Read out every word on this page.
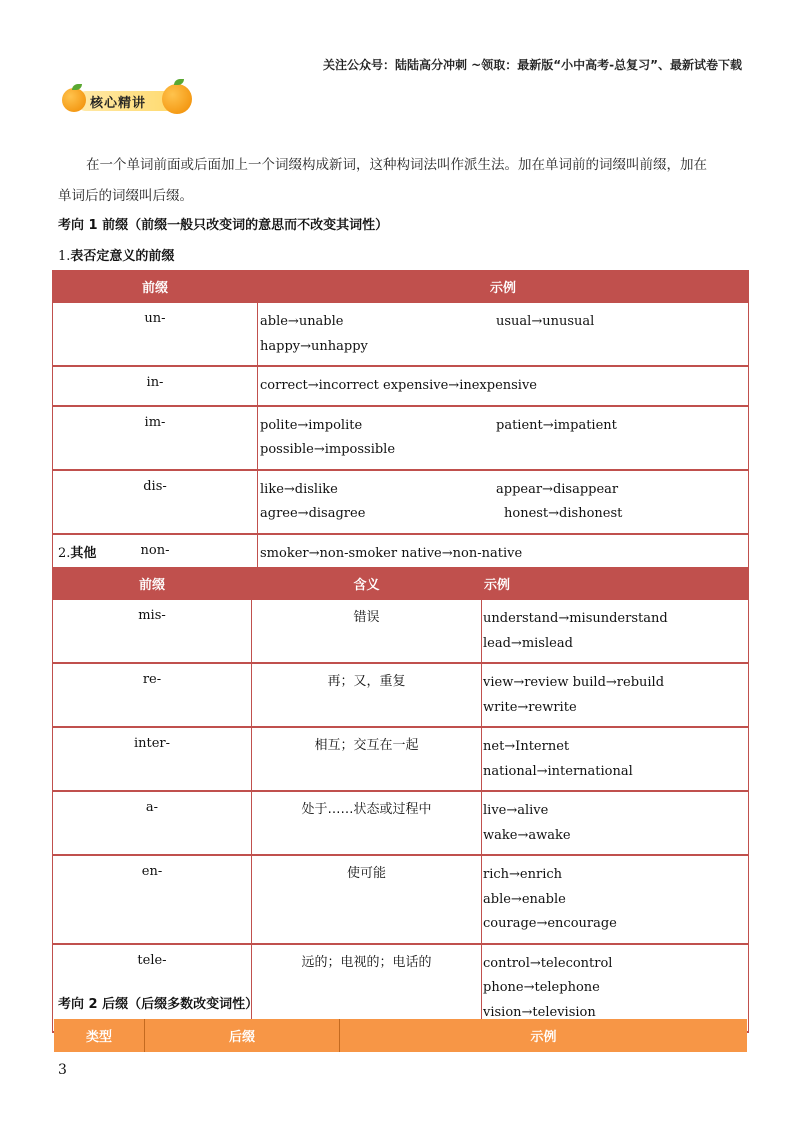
关注公众号：陆陆高分冲刺 ~领取：最新版“小中高考-总复习”、最新试卷下载
核心精讲
在一个单词前面或后面加上一个词缀构成新词，这种构词法叫作派生法。加在单词前的词缀叫前缀，加在
单词后的词缀叫后缀。
考向 1 前缀（前缀一般只改变词的意思而不改变其词性）
1.表否定意义的前缀
前缀	示例
un-	able→unable usual→unusual
happy→unhappy

in-	correct→incorrect expensive→inexpensive

im-	polite→impolite patient→impatient
possible→impossible

dis-	like→dislike appear→disappear
agree→disagree honest→dishonest

non-	smoker→non-smoker native→non-native
2.其他
前缀	含义	示例
mis-	错误	understand→misunderstand
lead→mislead

re-	再；又，重复	view→review build→rebuild
write→rewrite

inter-	相互；交互在一起	net→Internet
national→international

a-	处于……状态或过程中	live→alive
wake→awake

en-	使可能	rich→enrich
able→enable
courage→encourage

tele-	远的；电视的；电话的	control→telecontrol
phone→telephone
vision→television
考向 2 后缀（后缀多数改变词性）
类型	后缀	示例
3
